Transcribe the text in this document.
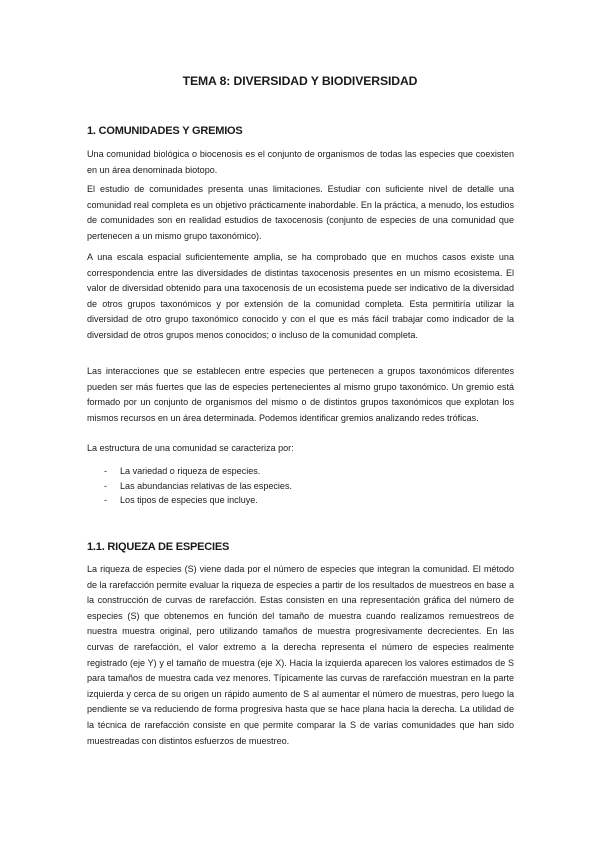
TEMA 8: DIVERSIDAD Y BIODIVERSIDAD
1. COMUNIDADES Y GREMIOS

Una comunidad biológica o biocenosis es el conjunto de organismos de todas las especies que coexisten en un área denominada biotopo.

El estudio de comunidades presenta unas limitaciones. Estudiar con suficiente nivel de detalle una comunidad real completa es un objetivo prácticamente inabordable. En la práctica, a menudo, los estudios de comunidades son en realidad estudios de taxocenosis (conjunto de especies de una comunidad que pertenecen a un mismo grupo taxonómico).

A una escala espacial suficientemente amplia, se ha comprobado que en muchos casos existe una correspondencia entre las diversidades de distintas taxocenosis presentes en un mismo ecosistema. El valor de diversidad obtenido para una taxocenosis de un ecosistema puede ser indicativo de la diversidad de otros grupos taxonómicos y por extensión de la comunidad completa. Esta permitiría utilizar la diversidad de otro grupo taxonómico conocido y con el que es más fácil trabajar como indicador de la diversidad de otros grupos menos conocidos; o incluso de la comunidad completa.

Las interacciones que se establecen entre especies que pertenecen a grupos taxonómicos diferentes pueden ser más fuertes que las de especies pertenecientes al mismo grupo taxonómico. Un gremio está formado por un conjunto de organismos del mismo o de distintos grupos taxonómicos que explotan los mismos recursos en un área determinada. Podemos identificar gremios analizando redes tróficas.

La estructura de una comunidad se caracteriza por:

- La variedad o riqueza de especies.
- Las abundancias relativas de las especies.
- Los tipos de especies que incluye.
1.1. RIQUEZA DE ESPECIES

La riqueza de especies (S) viene dada por el número de especies que integran la comunidad. El método de la rarefacción permite evaluar la riqueza de especies a partir de los resultados de muestreos en base a la construcción de curvas de rarefacción. Estas consisten en una representación gráfica del número de especies (S) que obtenemos en función del tamaño de muestra cuando realizamos remuestreos de nuestra muestra original, pero utilizando tamaños de muestra progresivamente decrecientes. En las curvas de rarefacción, el valor extremo a la derecha representa el número de especies realmente registrado (eje Y) y el tamaño de muestra (eje X). Hacia la izquierda aparecen los valores estimados de S para tamaños de muestra cada vez menores. Típicamente las curvas de rarefacción muestran en la parte izquierda y cerca de su origen un rápido aumento de S al aumentar el número de muestras, pero luego la pendiente se va reduciendo de forma progresiva hasta que se hace plana hacia la derecha. La utilidad de la técnica de rarefacción consiste en que permite comparar la S de varias comunidades que han sido muestreadas con distintos esfuerzos de muestreo.
